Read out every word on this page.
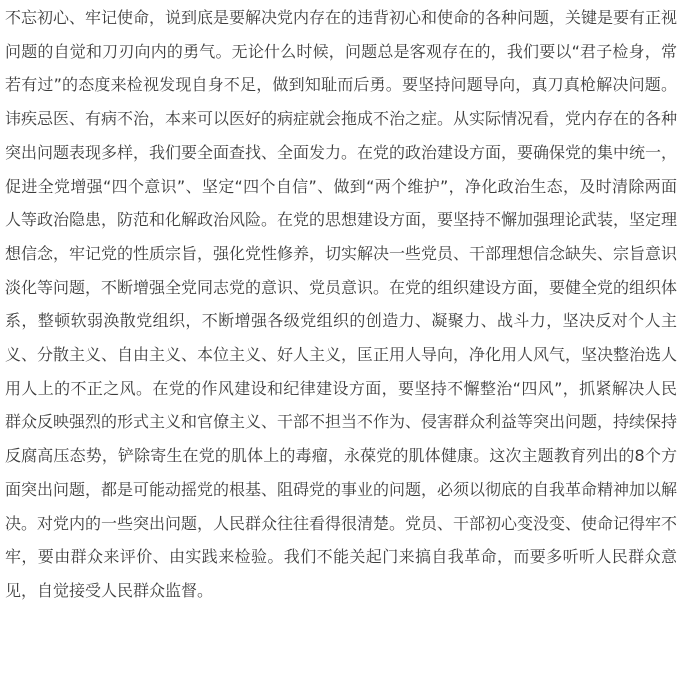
不忘初心、牢记使命，说到底是要解决党内存在的违背初心和使命的各种问题，关键是要有正视问题的自觉和刀刃向内的勇气。无论什么时候，问题总是客观存在的，我们要以“君子检身，常若有过”的态度来检视发现自身不足，做到知耻而后勇。要坚持问题导向，真刀真枪解决问题。讳疾忌医、有病不治，本来可以医好的病症就会拖成不治之症。从实际情况看，党内存在的各种突出问题表现多样，我们要全面查找、全面发力。在党的政治建设方面，要确保党的集中统一，促进全党增强“四个意识”、坚定“四个自信”、做到“两个维护”，净化政治生态，及时清除两面人等政治隐患，防范和化解政治风险。在党的思想建设方面，要坚持不懈加强理论武装，坚定理想信念，牢记党的性质宗旨，强化党性修养，切实解决一些党员、干部理想信念缺失、宗旨意识淡化等问题，不断增强全党同志党的意识、党员意识。在党的组织建设方面，要健全党的组织体系，整顿软弱涣散党组织，不断增强各级党组织的创造力、凝聚力、战斗力，坚决反对个人主义、分散主义、自由主义、本位主义、好人主义，匡正用人导向，净化用人风气，坚决整治选人用人上的不正之风。在党的作风建设和纪律建设方面，要坚持不懈整治“四风”，抓紧解决人民群众反映强烈的形式主义和官僚主义、干部不担当不作为、侵害群众利益等突出问题，持续保持反腐高压态势，铲除寄生在党的肌体上的毒瘤，永葆党的肌体健康。这次主题教育列出的8个方面突出问题，都是可能动摇党的根基、阻碍党的事业的问题，必须以彻底的自我革命精神加以解决。对党内的一些突出问题，人民群众往往看得很清楚。党员、干部初心变没变、使命记得牢不牢，要由群众来评价、由实践来检验。我们不能关起门来搞自我革命，而要多听听人民群众意见，自觉接受人民群众监督。
